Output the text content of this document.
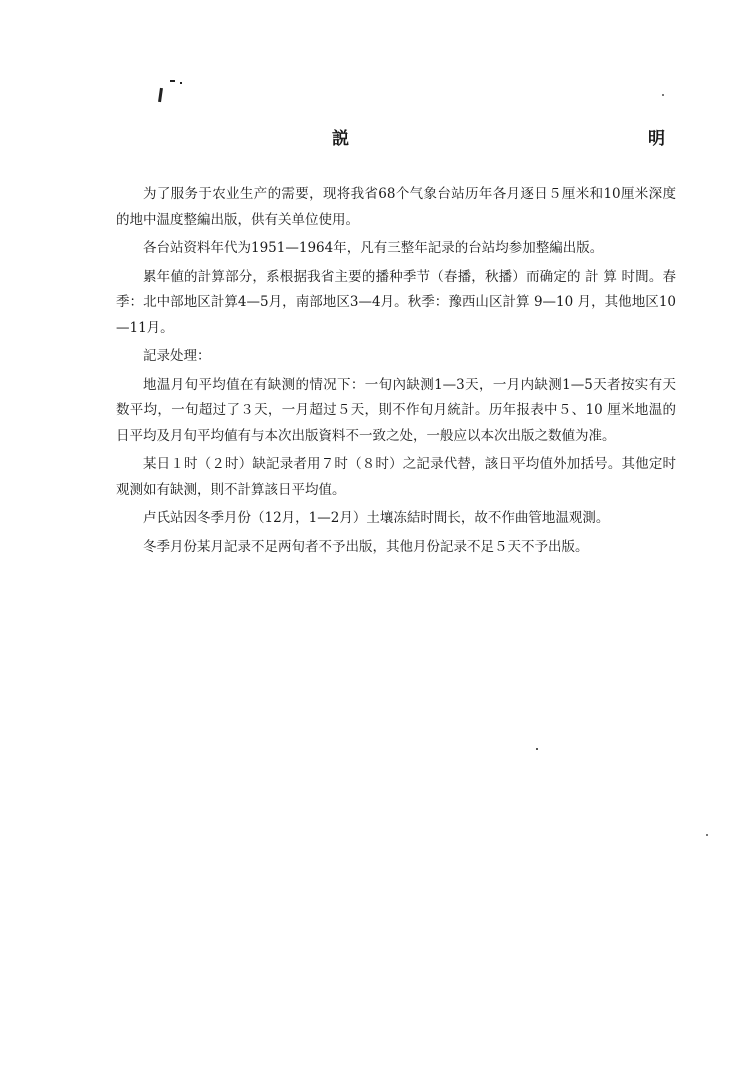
説　　　明

为了服务于农业生产的需要，现将我省68个气象台站历年各月逐日５厘米和10厘米深度的地中温度整編出版，供有关单位使用。

各台站资料年代为1951—1964年，凡有三整年記录的台站均参加整編出版。

累年値的計算部分，系根据我省主要的播种季节（春播，秋播）而确定的 計 算 时間。春季：北中部地区計算4—5月，南部地区3—4月。秋季：豫西山区計算 9—10 月，其他地区10—11月。

記录处理：

地温月旬平均值在有缺测的情况下：一旬內缺测1—3天，一月内缺测1—5天者按实有天数平均，一旬超过了３天，一月超过５天，則不作旬月統計。历年报表中５、10 厘米地温的日平均及月旬平均値有与本次出版資料不一致之处，一般应以本次出版之数値为准。

某日１时（２时）缺記录者用７时（８时）之記录代替，該日平均值外加括号。其他定时观测如有缺测，則不計算該日平均值。

卢氏站因冬季月份（12月，1—2月）土壤冻結时間长，故不作曲管地温观測。

冬季月份某月記录不足两旬者不予出版，其他月份記录不足５天不予出版。
